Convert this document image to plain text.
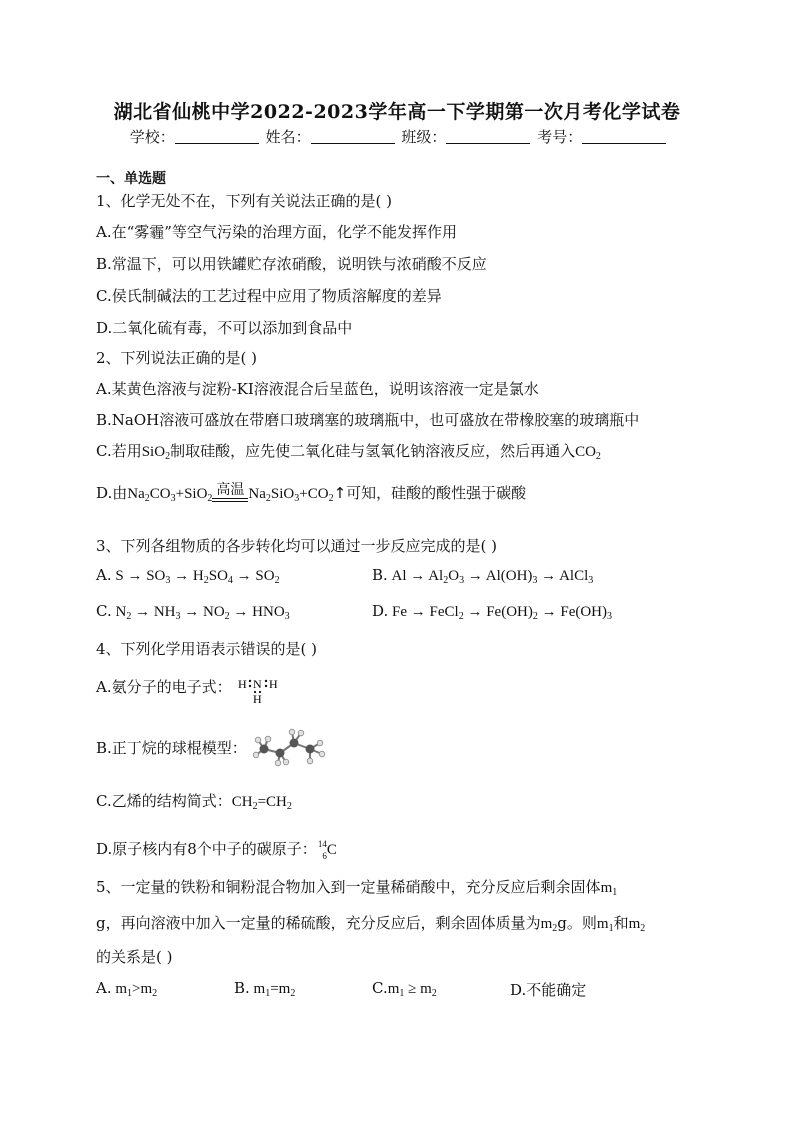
湖北省仙桃中学2022-2023学年高一下学期第一次月考化学试卷
学校：	姓名：	班级：	考号：
一、单选题
1、化学无处不在，下列有关说法正确的是( )
A.在“雾霾”等空气污染的治理方面，化学不能发挥作用
B.常温下，可以用铁罐贮存浓硝酸，说明铁与浓硝酸不反应
C.侯氏制碱法的工艺过程中应用了物质溶解度的差异
D.二氧化硫有毒，不可以添加到食品中
2、下列说法正确的是( )
A.某黄色溶液与淀粉-KI溶液混合后呈蓝色，说明该溶液一定是氯水
B.NaOH溶液可盛放在带磨口玻璃塞的玻璃瓶中，也可盛放在带橡胶塞的玻璃瓶中
C.若用SiO$_2$制取硅酸，应先使二氧化硅与氢氧化钠溶液反应，然后再通入$CO_2$
D.由$Na_2CO_3+SiO_2$
高温 $Na_2SiO_3+CO_2↑$可知，硅酸的酸性强于碳酸
3、下列各组物质的各步转化均可以通过一步反应完成的是( )
A. $S \to SO_3 \to H_2SO_4 \to SO_2$	B. $Al \to Al_2O_3 \to Al(OH)_3$ → AlCl$_3$
C. $N_2 \to NH_3 \to NO_2 \to HNO_3$	D. Fe → FeCl$_2$ → $Fe(OH)_2 \to Fe(OH)_3$
4、下列化学用语表示错误的是( )
A.氨分子的电子式： H N H
H
B.正丁烷的球棍模型：
C.乙烯的结构简式：$CH_2=CH_2$
D.原子核内有8个中子的碳原子： 14
6 C
5、一定量的铁粉和铜粉混合物加入到一定量稀硝酸中，充分反应后剩余固体$m_1$
g，再向溶液中加入一定量的稀硫酸，充分反应后，剩余固体质量为$m_2g$。则$m_1$和$m_2$
的关系是( )
A. $m_1>m_2$	B. $m_1=m_2$	$C.m_1 \ge m_2$	D.不能确定
